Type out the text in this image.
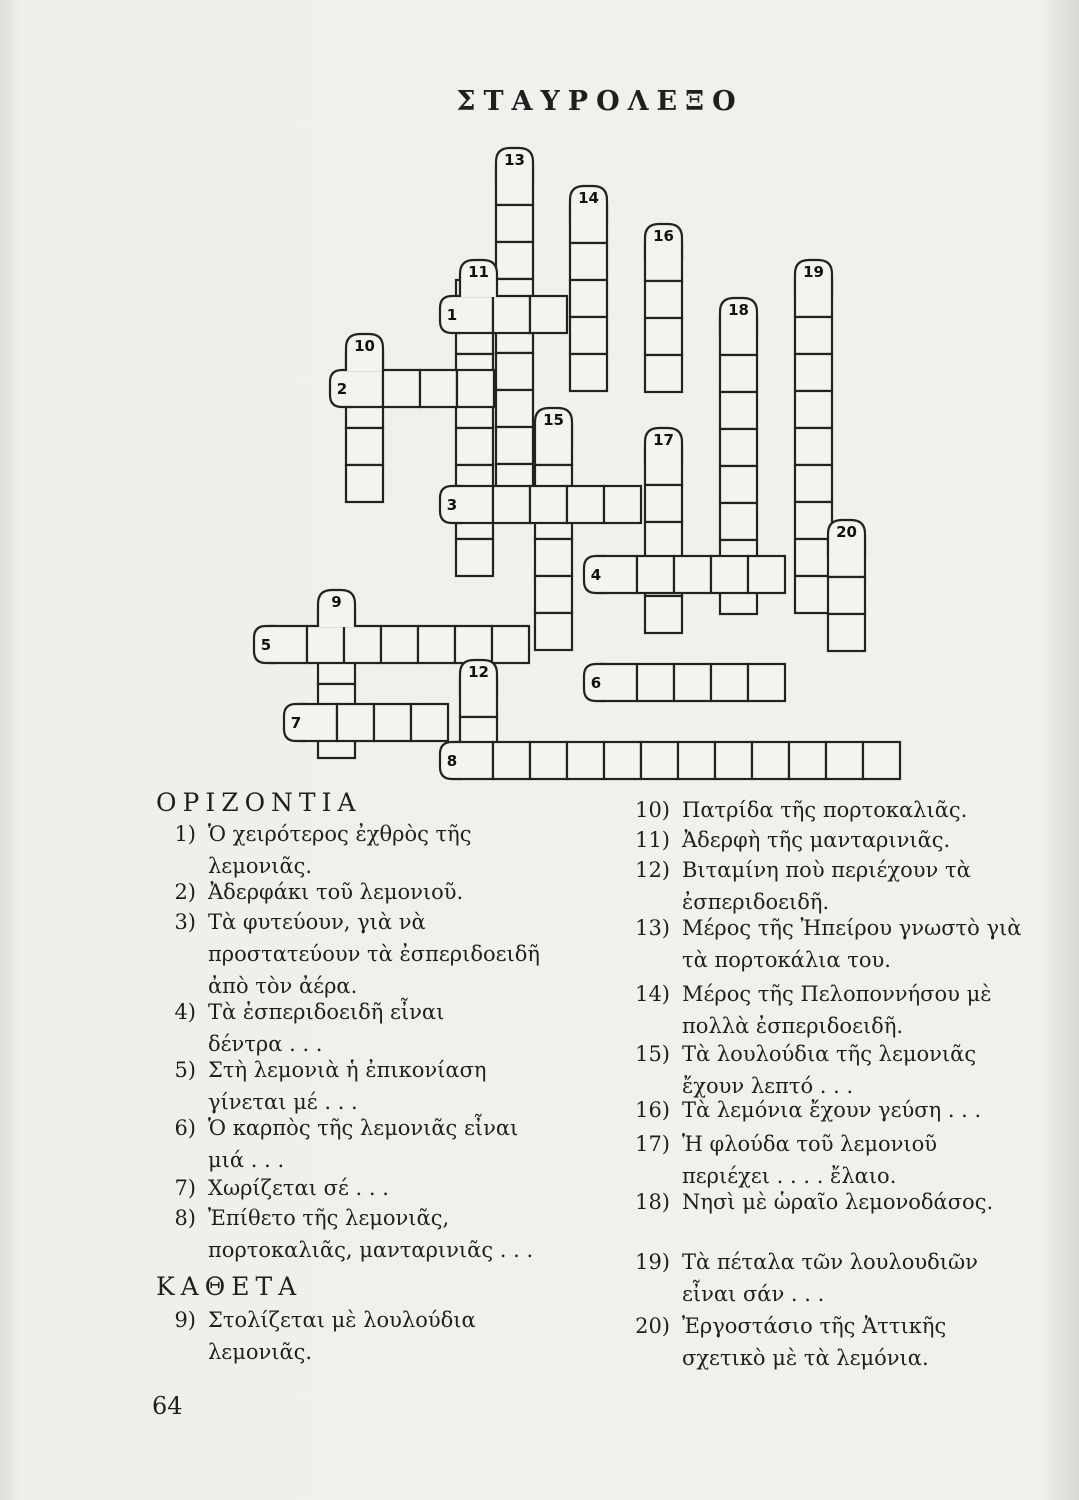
ΣΤΑΥΡΟΛΕΞΟ
1
2
3
4
5
6
7
8
9
10
11
12
13
14
15
16
17
18
19
20
ΟΡΙΖΟΝΤΙΑ
1) Ὁ χειρότερος ἐχθρὸς τῆς λεμονιᾶς.
2) Ἀδερφάκι τοῦ λεμονιοῦ.
3) Τὰ φυτεύουν, γιὰ νὰ προστατεύουν τὰ ἐσπεριδοειδῆ ἀπὸ τὸν ἀέρα.
4) Τὰ ἐσπεριδοειδῆ εἶναι δέντρα . . .
5) Στὴ λεμονιὰ ἡ ἐπικονίαση γίνεται μέ . . .
6) Ὁ καρπὸς τῆς λεμονιᾶς εἶναι μιά . . .
7) Χωρίζεται σέ . . .
8) Ἐπίθετο τῆς λεμονιᾶς, πορτοκαλιᾶς, μανταρινιᾶς . . .
ΚΑΘΕΤΑ
9) Στολίζεται μὲ λουλούδια λεμονιᾶς.
10) Πατρίδα τῆς πορτοκαλιᾶς.
11) Ἀδερφὴ τῆς μανταρινιᾶς.
12) Βιταμίνη ποὺ περιέχουν τὰ ἐσπεριδοειδῆ.
13) Μέρος τῆς Ἠπείρου γνωστὸ γιὰ τὰ πορτοκάλια του.
14) Μέρος τῆς Πελοποννήσου μὲ πολλὰ ἐσπεριδοειδῆ.
15) Τὰ λουλούδια τῆς λεμονιᾶς ἔχουν λεπτό . . .
16) Τὰ λεμόνια ἔχουν γεύση . . .
17) Ἡ φλούδα τοῦ λεμονιοῦ περιέχει . . . . ἔλαιο.
18) Νησὶ μὲ ὡραῖο λεμονοδάσος.
19) Τὰ πέταλα τῶν λουλουδιῶν εἶναι σάν . . .
20) Ἐργοστάσιο τῆς Ἀττικῆς σχετικὸ μὲ τὰ λεμόνια.
64
